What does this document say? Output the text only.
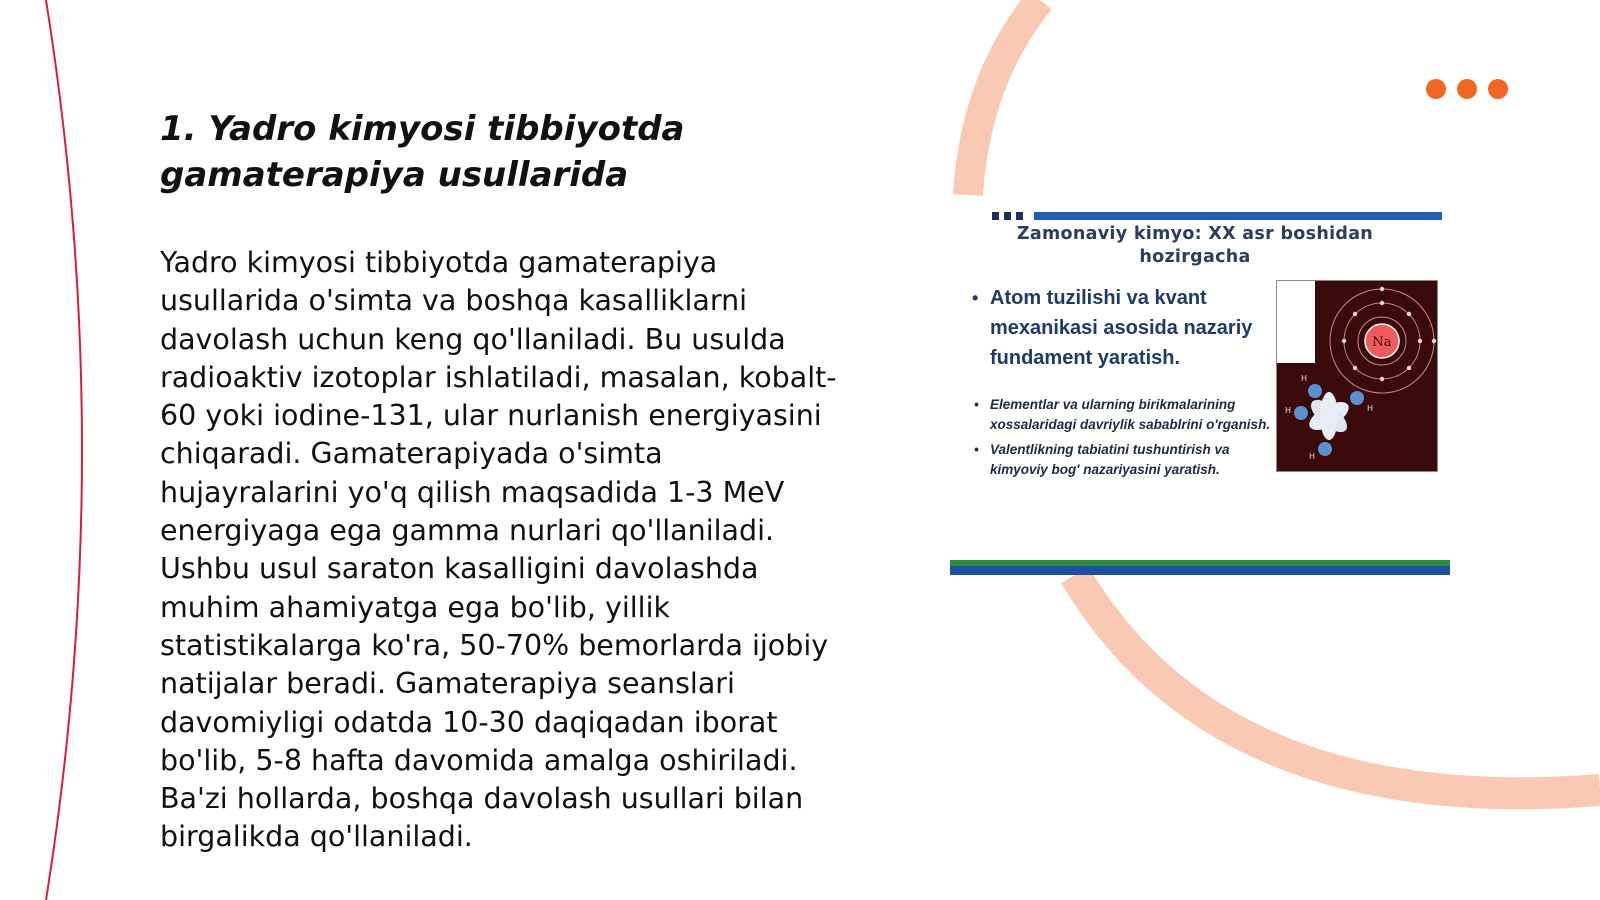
1. Yadro kimyosi tibbiyotda gamaterapiya usullarida

Yadro kimyosi tibbiyotda gamaterapiya usullarida o'simta va boshqa kasalliklarni davolash uchun keng qo'llaniladi. Bu usulda radioaktiv izotoplar ishlatiladi, masalan, kobalt-60 yoki iodine-131, ular nurlanish energiyasini chiqaradi. Gamaterapiyada o'simta hujayralarini yo'q qilish maqsadida 1-3 MeV energiyaga ega gamma nurlari qo'llaniladi. Ushbu usul saraton kasalligini davolashda muhim ahamiyatga ega bo'lib, yillik statistikalarga ko'ra, 50-70% bemorlarda ijobiy natijalar beradi. Gamaterapiya seanslari davomiyligi odatda 10-30 daqiqadan iborat bo'lib, 5-8 hafta davomida amalga oshiriladi. Ba'zi hollarda, boshqa davolash usullari bilan birgalikda qo'llaniladi.

Zamonaviy kimyo: XX asr boshidan hozirgacha
• Atom tuzilishi va kvant mexanikasi asosida nazariy fundament yaratish.
• Elementlar va ularning birikmalarining xossalaridagi davriylik sabablrini o'rganish.
• Valentlikning tabiatini tushuntirish va kimyoviy bog' nazariyasini yaratish.
Na
H
H
H
H
